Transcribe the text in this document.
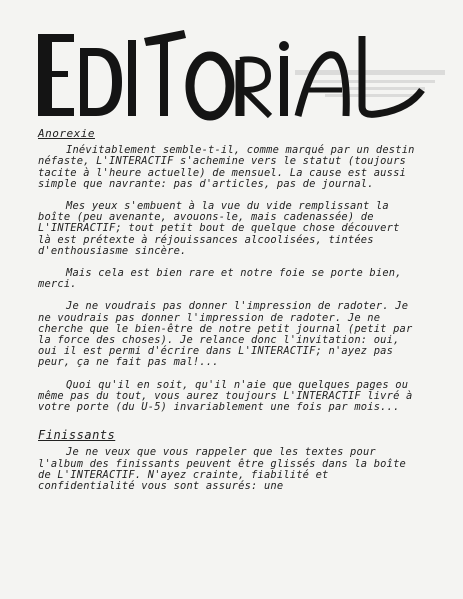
Anorexie

Inévitablement semble-t-il, comme marqué par un destin néfaste, L'INTERACTIF s'achemine vers le statut (toujours tacite à l'heure actuelle) de mensuel. La cause est aussi simple que navrante: pas d'articles, pas de journal.

Mes yeux s'embuent à la vue du vide remplissant la boîte (peu avenante, avouons-le, mais cadenassée) de L'INTERACTIF; tout petit bout de quelque chose découvert là est prétexte à réjouissances alcoolisées, tintées d'enthousiasme sincère.

Mais cela est bien rare et notre foie se porte bien, merci.

Je ne voudrais pas donner l'impression de radoter. Je ne voudrais pas donner l'impression de radoter. Je ne cherche que le bien-être de notre petit journal (petit par la force des choses). Je relance donc l'invitation: oui, oui il est permi d'écrire dans L'INTERACTIF; n'ayez pas peur, ça ne fait pas mal!...

Quoi qu'il en soit, qu'il n'aie que quelques pages ou même pas du tout, vous aurez toujours L'INTERACTIF livré à votre porte (du U-5) invariablement une fois par mois...

Finissants

Je ne veux que vous rappeler que les textes pour l'album des finissants peuvent être glissés dans la boîte de L'INTERACTIF. N'ayez crainte, fiabilité et confidentialité vous sont assurés: une
